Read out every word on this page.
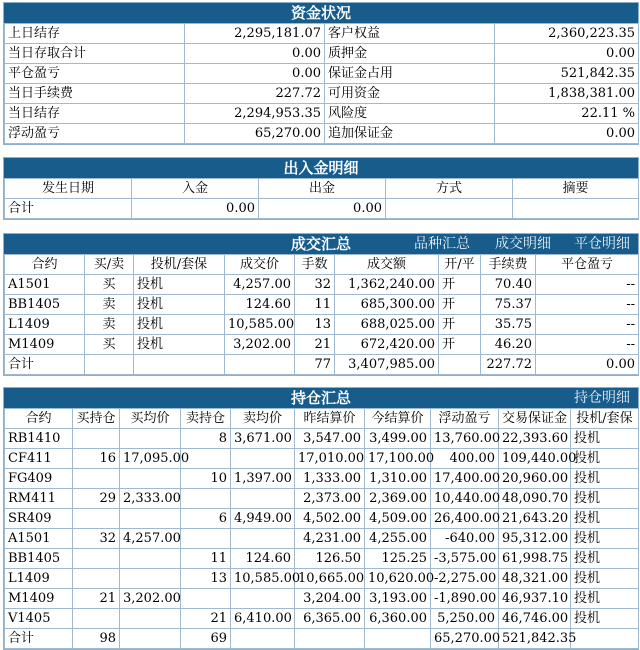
资金状况
上日结存	2,295,181.07	客户权益	2,360,223.35
当日存取合计	0.00	质押金	0.00
平仓盈亏	0.00	保证金占用	521,842.35
当日手续费	227.72	可用资金	1,838,381.00
当日结存	2,294,953.35	风险度	22.11 %
浮动盈亏	65,270.00	追加保证金	0.00
出入金明细
发生日期	入金	出金	方式	摘要
合计	0.00	0.00		
成交汇总	品种汇总 成交明细 平仓明细
合约	买/卖	投机/套保	成交价	手数	成交额	开/平	手续费	平仓盈亏
A1501	买	投机	4,257.00	32	1,362,240.00	开	70.40	--
BB1405	卖	投机	124.60	11	685,300.00	开	75.37	--
L1409	卖	投机	10,585.00	13	688,025.00	开	35.75	--
M1409	买	投机	3,202.00	21	672,420.00	开	46.20	--
合计				77	3,407,985.00		227.72	0.00
持仓汇总	持仓明细
合约	买持仓	买均价	卖持仓	卖均价	昨结算价	今结算价	浮动盈亏	交易保证金	投机/套保
RB1410			8	3,671.00	3,547.00	3,499.00	13,760.00	22,393.60	投机
CF411	16	17,095.00			17,010.00	17,100.00	400.00	109,440.00	投机
FG409			10	1,397.00	1,333.00	1,310.00	17,400.00	20,960.00	投机
RM411	29	2,333.00			2,373.00	2,369.00	10,440.00	48,090.70	投机
SR409			6	4,949.00	4,502.00	4,509.00	26,400.00	21,643.20	投机
A1501	32	4,257.00			4,231.00	4,255.00	-640.00	95,312.00	投机
BB1405			11	124.60	126.50	125.25	-3,575.00	61,998.75	投机
L1409			13	10,585.00	10,665.00	10,620.00	-2,275.00	48,321.00	投机
M1409	21	3,202.00			3,204.00	3,193.00	-1,890.00	46,937.10	投机
V1405			21	6,410.00	6,365.00	6,360.00	5,250.00	46,746.00	投机
合计	98		69				65,270.00	521,842.35	
